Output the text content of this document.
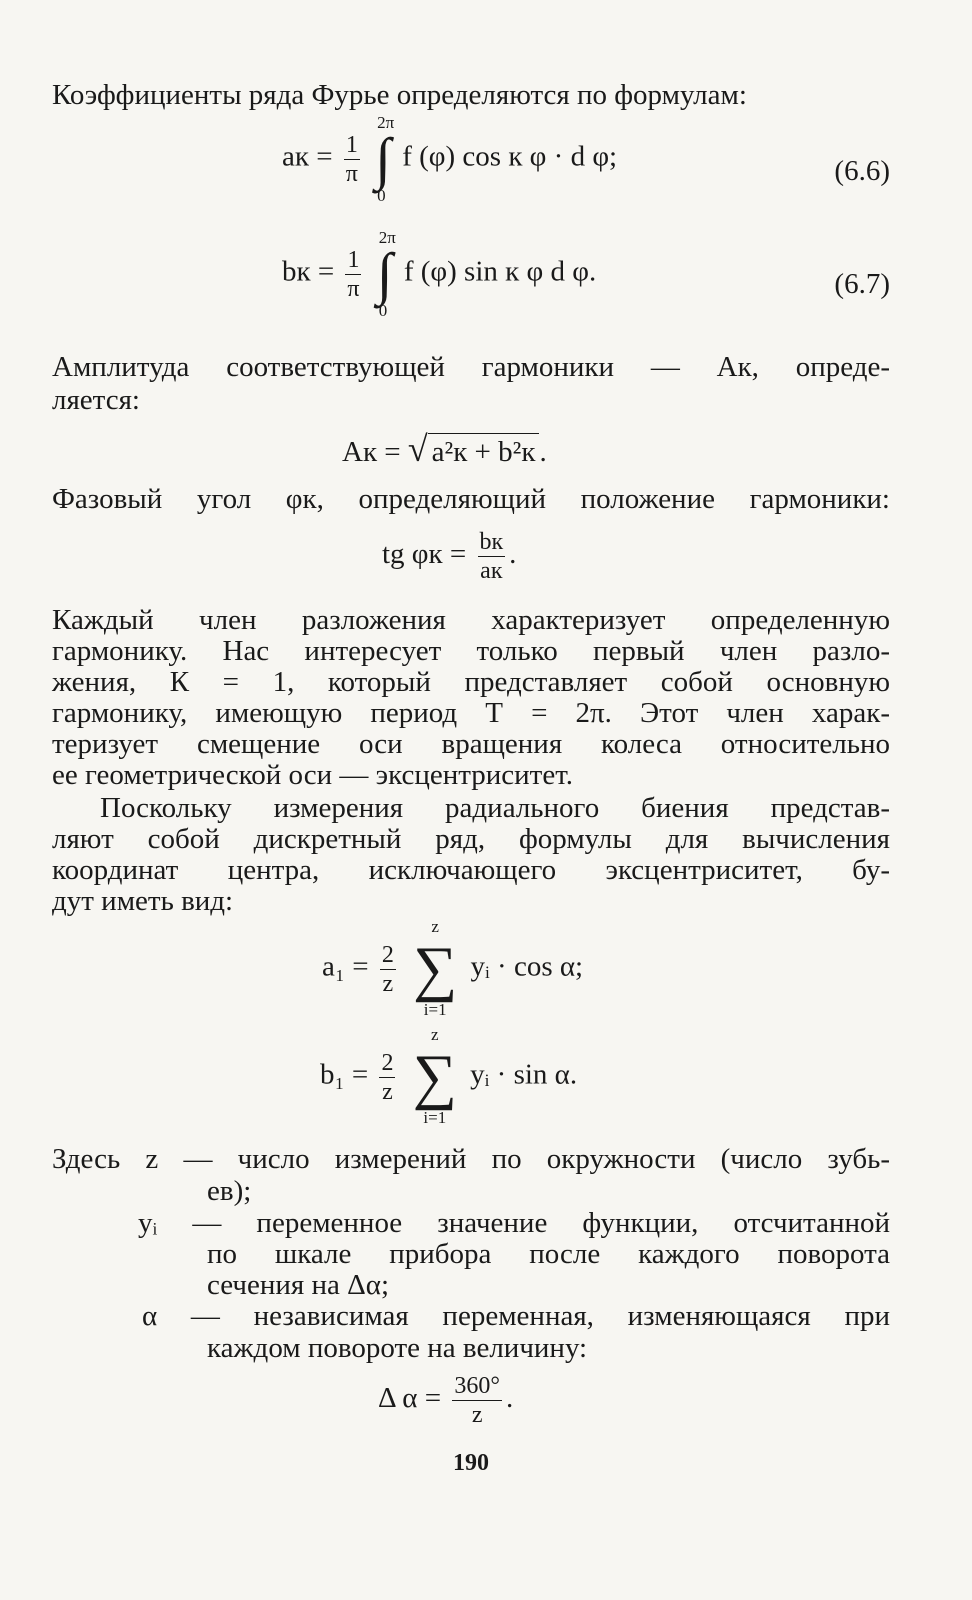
Коэффициенты ряда Фурье определяются по формулам:
aк = $\frac{1}{\pi}$ ∫
2π
0
f (φ) cos к φ · d φ;	(6.6)
bк = $\frac{1}{\pi}$ ∫
2π
0
f (φ) sin к φ d φ.	(6.7)
Амплитуда соответствующей гармоники — Ак, опреде-
ляется:
Ак = √ a²к + b²к .
Фазовый угол φк, определяющий положение гармоники:
tg $\varphi к = \frac{bк}{aк}$ .
Каждый член разложения характеризует определенную
гармонику. Нас интересует только первый член разло-
жения, К = 1, который представляет собой основную
гармонику, имеющую период Т = 2π. Этот член харак-
теризует смещение оси вращения колеса относительно
ее геометрической оси — эксцентриситет.
Поскольку измерения радиального биения представ-
ляют собой дискретный ряд, формулы для вычисления
координат центра, исключающего эксцентриситет, бу-
дут иметь вид:
$a_1 = \frac{2}{z}$ ∑
z
i=1
yᵢ · cos α;
$b_1 = \frac{2}{z}$ ∑
z
i=1
yᵢ · sin α.
Здесь z — число измерений по окружности (число зубь-
ев);
yᵢ — переменное значение функции, отсчитанной
по шкале прибора после каждого поворота
сечения на Δα;
α — независимая переменная, изменяющаяся при
каждом повороте на величину:
Δ $\alpha = \frac{360^\circ}{z}$ .
190
